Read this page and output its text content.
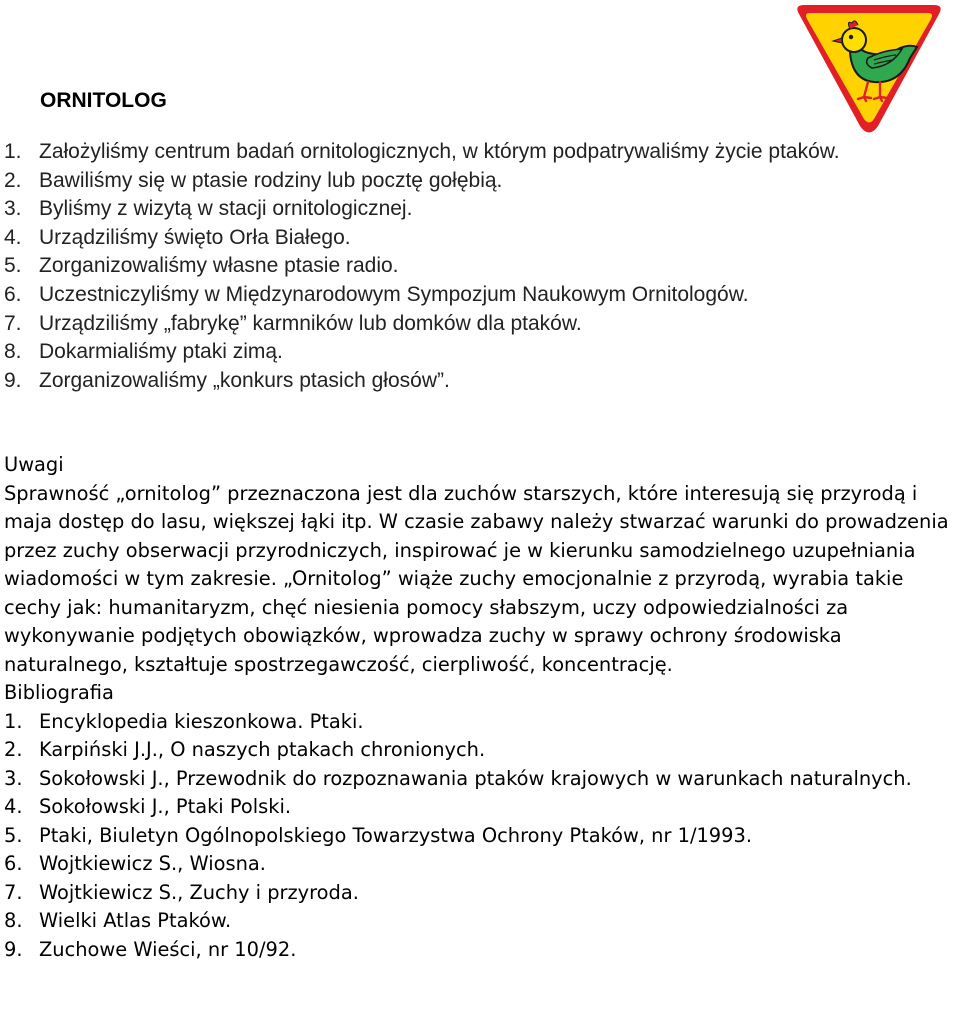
ORNITOLOG
1. Założyliśmy centrum badań ornitologicznych, w którym podpatrywaliśmy życie ptaków.
2. Bawiliśmy się w ptasie rodziny lub pocztę gołębią.
3. Byliśmy z wizytą w stacji ornitologicznej.
4. Urządziliśmy święto Orła Białego.
5. Zorganizowaliśmy własne ptasie radio.
6. Uczestniczyliśmy w Międzynarodowym Sympozjum Naukowym Ornitologów.
7. Urządziliśmy „fabrykę” karmników lub domków dla ptaków.
8. Dokarmialiśmy ptaki zimą.
9. Zorganizowaliśmy „konkurs ptasich głosów”.

Uwagi

Sprawność „ornitolog” przeznaczona jest dla zuchów starszych, które interesują się przyrodą i maja dostęp do lasu, większej łąki itp. W czasie zabawy należy stwarzać warunki do prowadzenia przez zuchy obserwacji przyrodniczych, inspirować je w kierunku samodzielnego uzupełniania wiadomości w tym zakresie. „Ornitolog” wiąże zuchy emocjonalnie z przyrodą, wyrabia takie cechy jak: humanitaryzm, chęć niesienia pomocy słabszym, uczy odpowiedzialności za wykonywanie podjętych obowiązków, wprowadza zuchy w sprawy ochrony środowiska naturalnego, kształtuje spostrzegawczość, cierpliwość, koncentrację.

Bibliografia

1. Encyklopedia kieszonkowa. Ptaki.
2. Karpiński J.J., O naszych ptakach chronionych.
3. Sokołowski J., Przewodnik do rozpoznawania ptaków krajowych w warunkach naturalnych.
4. Sokołowski J., Ptaki Polski.
5. Ptaki, Biuletyn Ogólnopolskiego Towarzystwa Ochrony Ptaków, nr 1/1993.
6. Wojtkiewicz S., Wiosna.
7. Wojtkiewicz S., Zuchy i przyroda.
8. Wielki Atlas Ptaków.
9. Zuchowe Wieści, nr 10/92.
